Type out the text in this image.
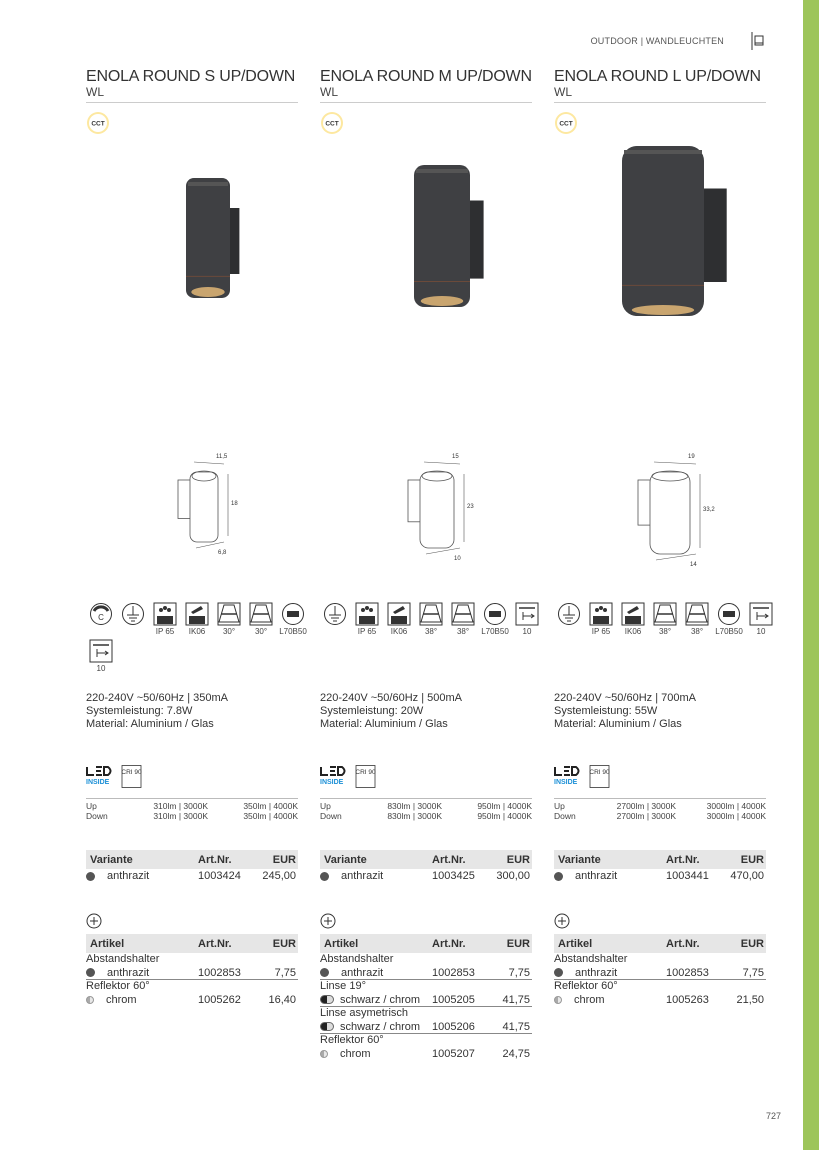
OUTDOOR | WANDLEUCHTEN
ENOLA ROUND S UP/DOWN
WL
CCT
11,5
18
6,8
C
IP 65	IK06	30°	30°	L70B50
10
220-240V ~50/60Hz | 350mA
Systemleistung: 7.8W
Material: Aluminium / Glas
INSIDE
CRI 90
Up	310lm | 3000K	350lm | 4000K
Down	310lm | 3000K	350lm | 4000K
Variante	Art.Nr.	EUR
anthrazit	1003424	245,00
Artikel	Art.Nr.	EUR
Abstandshalter
anthrazit	1002853	7,75
Reflektor 60°
chrom	1005262	16,40
ENOLA ROUND M UP/DOWN
WL
CCT
15
23
10
IP 65	IK06	38°	38°	L70B50	10
220-240V ~50/60Hz | 500mA
Systemleistung: 20W
Material: Aluminium / Glas
INSIDE
CRI 90
Up	830lm | 3000K	950lm | 4000K
Down	830lm | 3000K	950lm | 4000K
Variante	Art.Nr.	EUR
anthrazit	1003425	300,00
Artikel	Art.Nr.	EUR
Abstandshalter
anthrazit	1002853	7,75
Linse 19°
schwarz / chrom 1005205	41,75
Linse asymetrisch
schwarz / chrom 1005206	41,75
Reflektor 60°
chrom	1005207	24,75
ENOLA ROUND L UP/DOWN
WL
CCT
19
33,2
14
IP 65	IK06	38°	38°	L70B50	10
220-240V ~50/60Hz | 700mA
Systemleistung: 55W
Material: Aluminium / Glas
INSIDE
CRI 90
Up	2700lm | 3000K	3000lm | 4000K
Down	2700lm | 3000K	3000lm | 4000K
Variante	Art.Nr.	EUR
anthrazit	1003441	470,00
Artikel	Art.Nr.	EUR
Abstandshalter
anthrazit	1002853	7,75
Reflektor 60°
chrom	1005263	21,50
727
